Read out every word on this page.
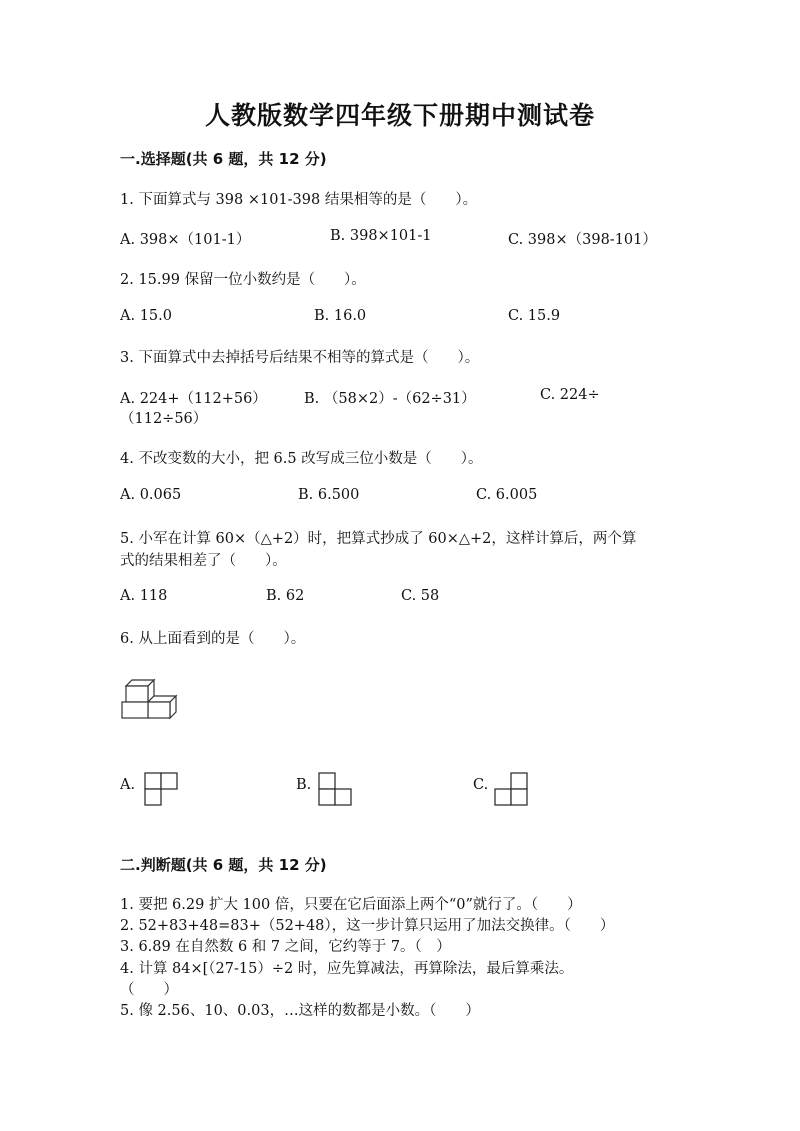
人教版数学四年级下册期中测试卷
一.选择题(共 6 题，共 12 分)
1. 下面算式与 398 ×101-398 结果相等的是（　　）。
A. 398×（101-1）	B. 398×101-1	C. 398×（398-101）
2. 15.99 保留一位小数约是（　　）。
A. 15.0	B. 16.0	C. 15.9
3. 下面算式中去掉括号后结果不相等的算式是（　　）。
A. 224+（112+56）	B. （58×2）-（62÷31）	C. 224÷
（112÷56）
4. 不改变数的大小，把 6.5 改写成三位小数是（　　）。
A. 0.065	B. 6.500	C. 6.005
5. 小军在计算 60×（△+2）时，把算式抄成了 60×△+2，这样计算后，两个算
式的结果相差了（　　）。
A. 118	B. 62	C. 58
6. 从上面看到的是（　　）。
A.	B.	C.
二.判断题(共 6 题，共 12 分)
1. 要把 6.29 扩大 100 倍，只要在它后面添上两个“0”就行了。（　　）
2. 52+83+48=83+（52+48），这一步计算只运用了加法交换律。（　　）
3. 6.89 在自然数 6 和 7 之间，它约等于 7。（　）
4. 计算 84×[（27-15）÷2 时，应先算减法，再算除法，最后算乘法。
（　　）
5. 像 2.56、10、0.03，…这样的数都是小数。（　　）
